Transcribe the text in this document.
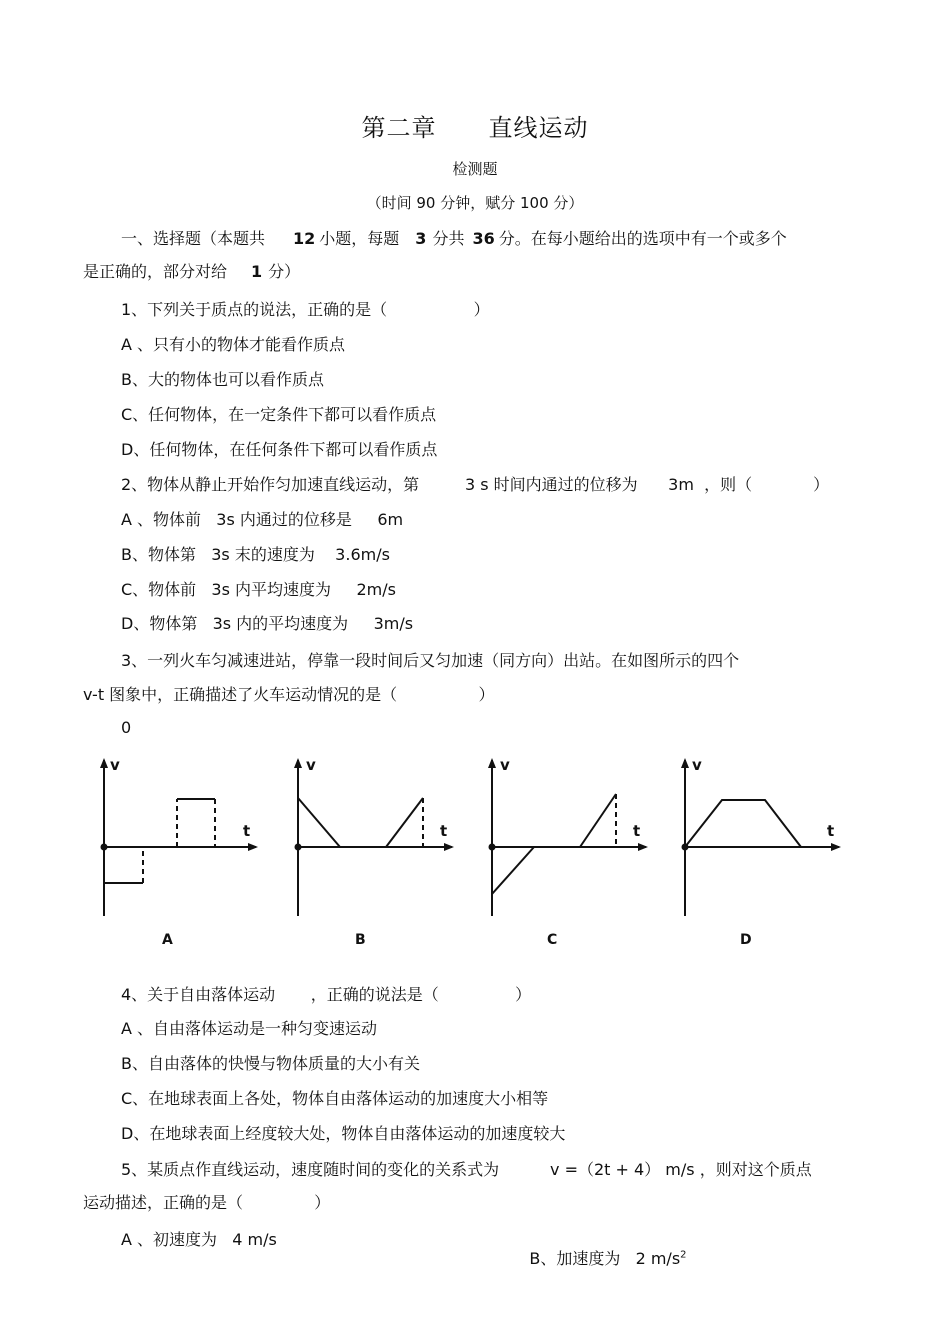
第二章 直线运动
检测题
（时间 90 分钟，赋分 100 分）
一、选择题（本题共 12 小题，每题 3 分共 36 分。在每小题给出的选项中有一个或多个
是正确的，部分对给 1 分）
1、下列关于质点的说法，正确的是（                 ）
A 、只有小的物体才能看作质点
B、大的物体也可以看作质点
C、任何物体，在一定条件下都可以看作质点
D、任何物体，在任何条件下都可以看作质点
2、物体从静止开始作匀加速直线运动，第         3 s 时间内通过的位移为      3m  ，则（            ）
A 、物体前   3s 内通过的位移是     6m
B、物体第   3s 末的速度为    3.6m/s
C、物体前   3s 内平均速度为     2m/s
D、物体第   3s 内的平均速度为     3m/s
3、一列火车匀减速进站，停靠一段时间后又匀加速（同方向）出站。在如图所示的四个
v-t 图象中，正确描述了火车运动情况的是（                ）
0
v
t
A
v
t
B
v
t
C
v
t
D
4、关于自由落体运动       ，正确的说法是（               ）
A 、自由落体运动是一种匀变速运动
B、自由落体的快慢与物体质量的大小有关
C、在地球表面上各处，物体自由落体运动的加速度大小相等
D、在地球表面上经度较大处，物体自由落体运动的加速度较大
5、某质点作直线运动，速度随时间的变化的关系式为          v =（2t + 4） m/s ，则对这个质点
运动描述，正确的是（              ）
A 、初速度为   4 m/s

B、加速度为   2 $m/s^2$
